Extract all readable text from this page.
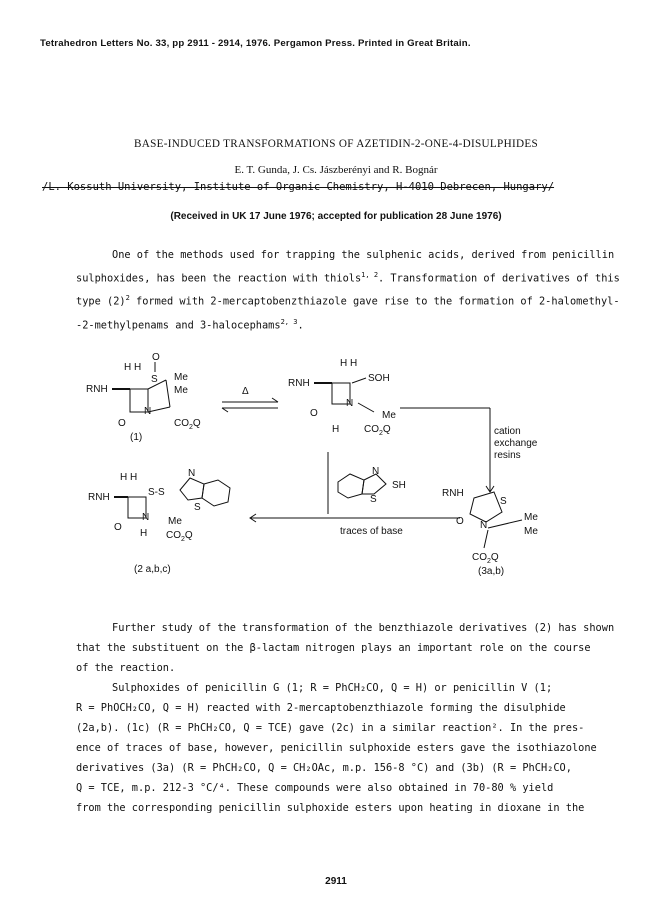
Tetrahedron Letters No. 33, pp 2911 - 2914, 1976. Pergamon Press. Printed in Great Britain.
BASE-INDUCED TRANSFORMATIONS OF AZETIDIN-2-ONE-4-DISULPHIDES
E. T. Gunda, J. Cs. Jászberényi and R. Bognár
/L. Kossuth University, Institute of Organic Chemistry, H-4010 Debrecen, Hungary/
(Received in UK 17 June 1976; accepted for publication 28 June 1976)
One of the methods used for trapping the sulphenic acids, derived from penicillin
sulphoxides, has been the reaction with thiols$^{1, 2}$. Transformation of derivatives of this
type $(2)^2$ formed with 2-mercaptobenzthiazole gave rise to the formation of 2-halomethyl-
-2-methylpenams and 3-halocephams$^{2, 3}$.
RNH
H H
O
S Me
Me
N
O	$CO_2Q$
(1)
Δ
H H
RNH	SOH
N
Me
O
H $CO_2Q$	cation
exchange
resins
H H
RNH	S-S
N
O
H
Me
$CO_2Q$
N
S
(2 a,b,c)
N
S
SH
traces of base
RNH
S
N
O	Me
Me
$CO_2Q$
(3a,b)
Further study of the transformation of the benzthiazole derivatives (2) has shown
that the substituent on the β-lactam nitrogen plays an important role on the course
of the reaction.
Sulphoxides of penicillin G (1; R = PhCH₂CO, Q = H) or penicillin V (1;
R = PhOCH₂CO, Q = H) reacted with 2-mercaptobenzthiazole forming the disulphide
(2a,b). (1c) (R = PhCH₂CO, Q = TCE) gave (2c) in a similar reaction². In the pres-
ence of traces of base, however, penicillin sulphoxide esters gave the isothiazolone
derivatives (3a) (R = PhCH₂CO, Q = CH₂OAc, m.p. 156-8 °C) and (3b) (R = PhCH₂CO,
Q = TCE, m.p. 212-3 °C/⁴. These compounds were also obtained in 70-80 % yield
from the corresponding penicillin sulphoxide esters upon heating in dioxane in the
2911
